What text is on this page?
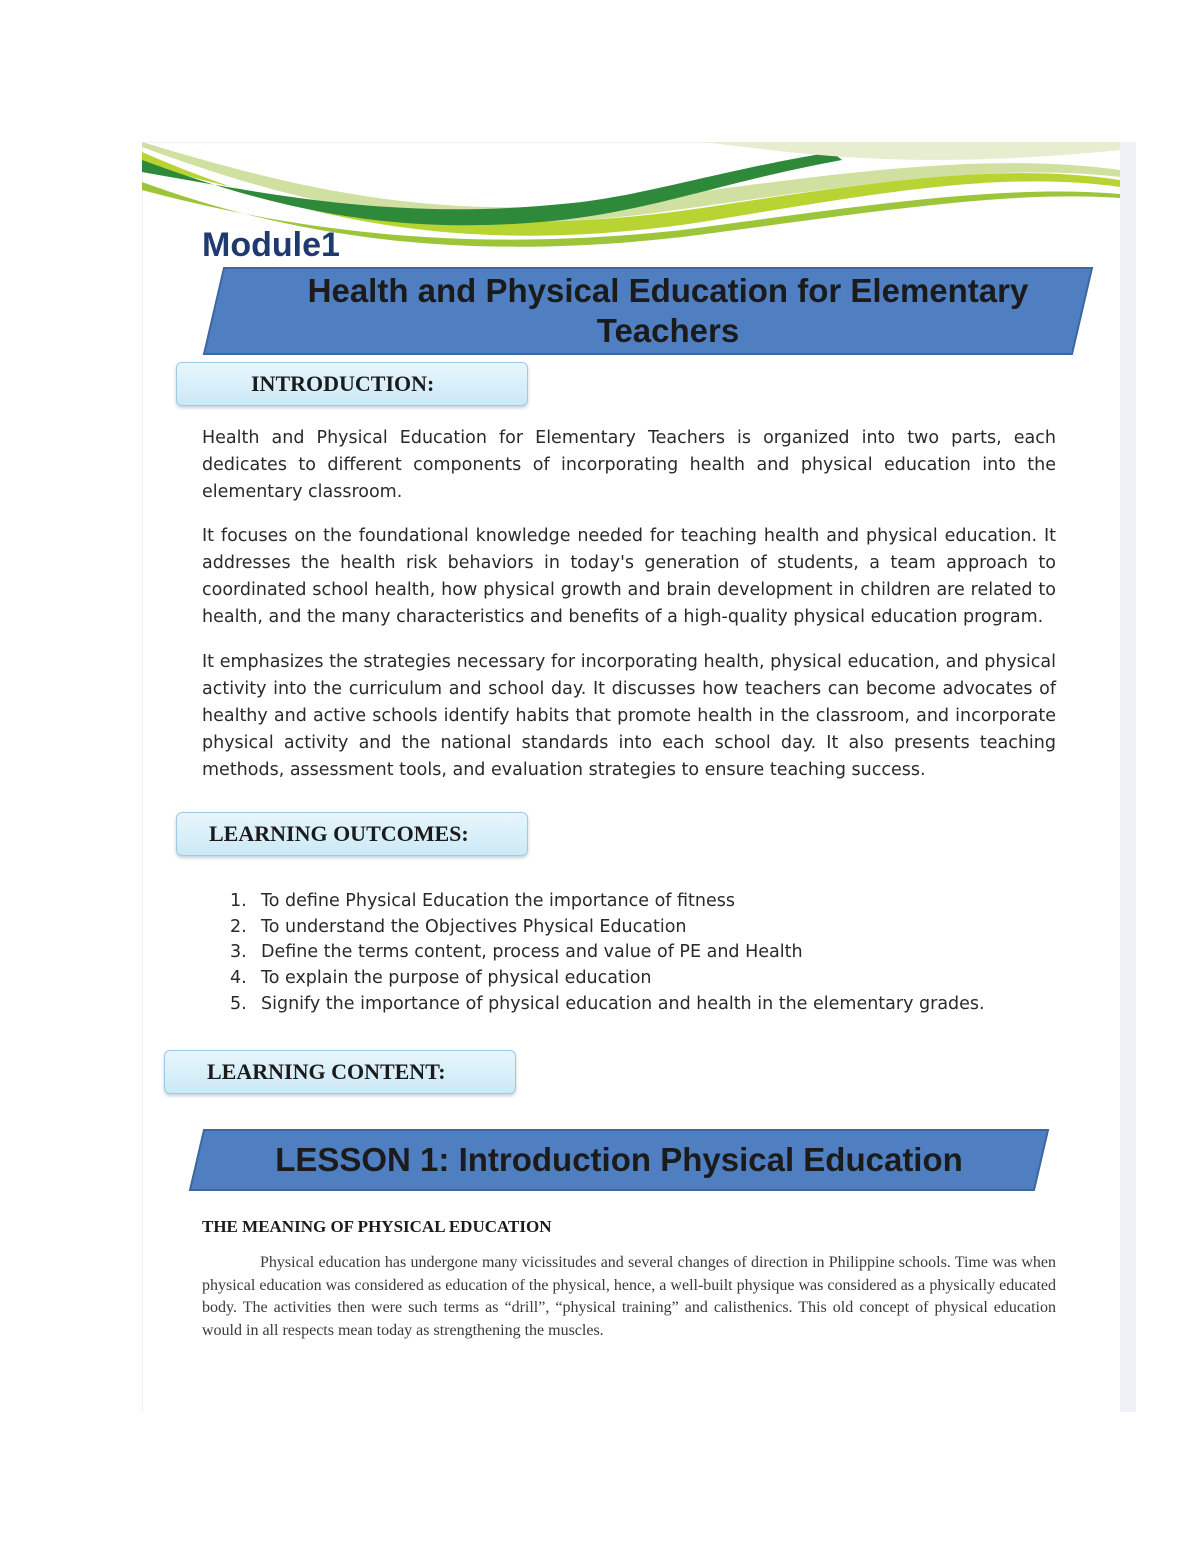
Module1
Health and Physical Education for Elementary Teachers
INTRODUCTION:

Health and Physical Education for Elementary Teachers is organized into two parts, each dedicates to different components of incorporating health and physical education into the elementary classroom.

It focuses on the foundational knowledge needed for teaching health and physical education. It addresses the health risk behaviors in today's generation of students, a team approach to coordinated school health, how physical growth and brain development in children are related to health, and the many characteristics and benefits of a high-quality physical education program.

It emphasizes the strategies necessary for incorporating health, physical education, and physical activity into the curriculum and school day. It discusses how teachers can become advocates of healthy and active schools identify habits that promote health in the classroom, and incorporate physical activity and the national standards into each school day. It also presents teaching methods, assessment tools, and evaluation strategies to ensure teaching success.

LEARNING OUTCOMES:
1. To define Physical Education the importance of fitness
2. To understand the Objectives Physical Education
3. Define the terms content, process and value of PE and Health
4. To explain the purpose of physical education
5. Signify the importance of physical education and health in the elementary grades.
LEARNING CONTENT:
LESSON 1: Introduction Physical Education
THE MEANING OF PHYSICAL EDUCATION

Physical education has undergone many vicissitudes and several changes of direction in Philippine schools. Time was when physical education was considered as education of the physical, hence, a well-built physique was considered as a physically educated body. The activities then were such terms as “drill”, “physical training” and calisthenics. This old concept of physical education would in all respects mean today as strengthening the muscles.
